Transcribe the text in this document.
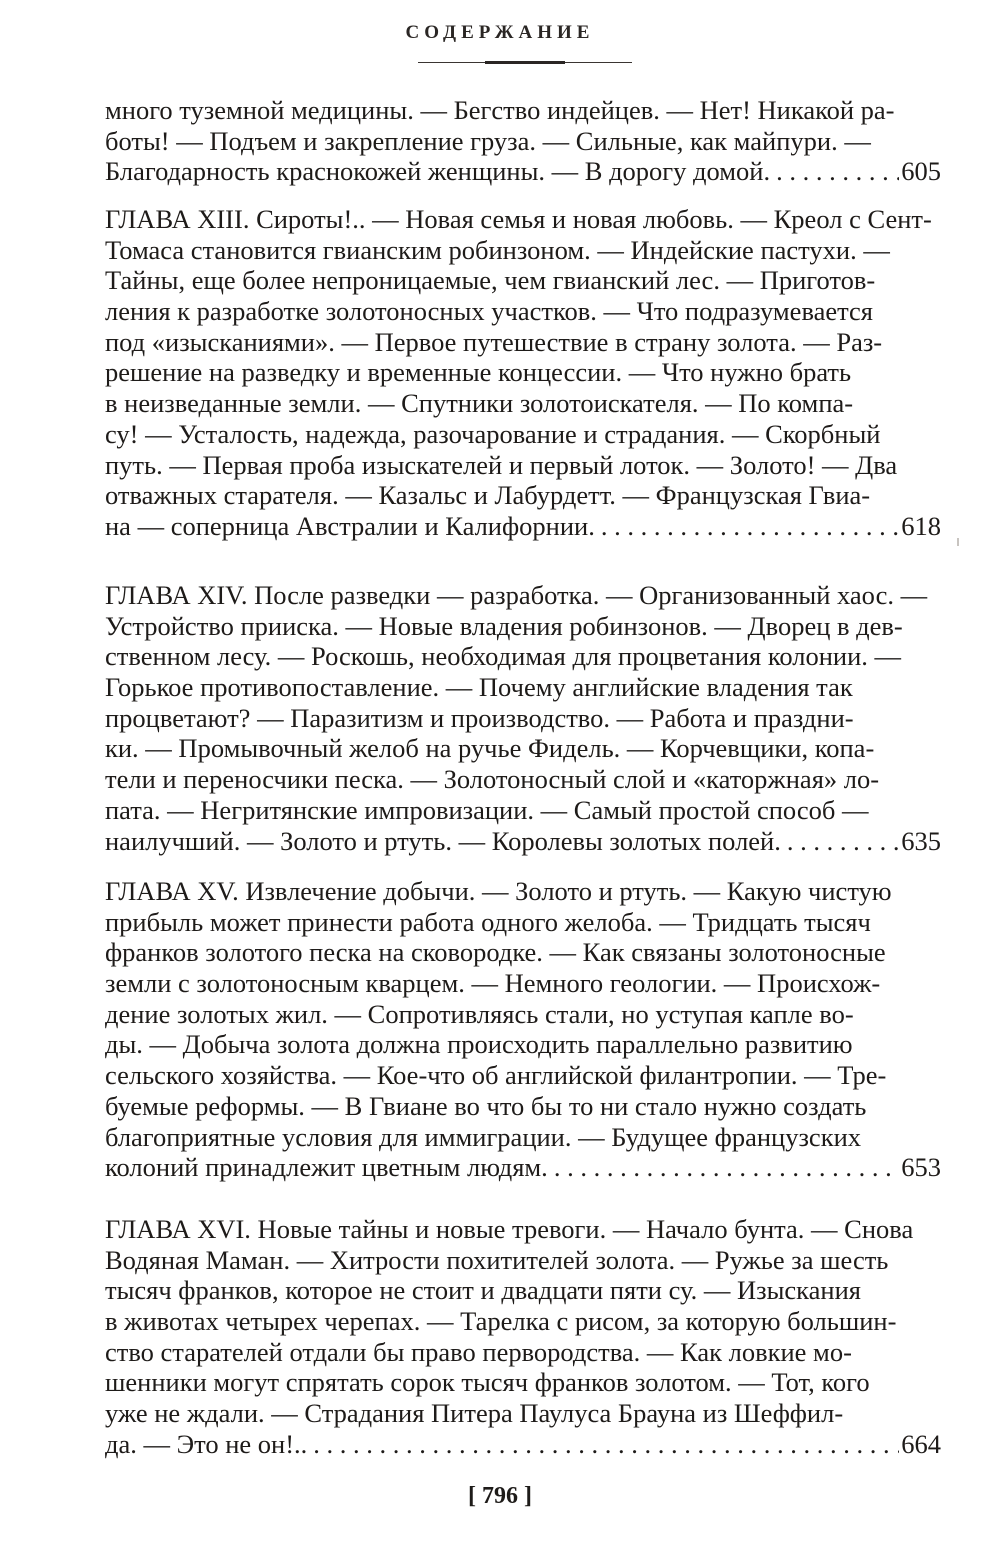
СОДЕРЖАНИЕ
много туземной медицины. — Бегство индейцев. — Нет! Никакой ра-
боты! — Подъем и закрепление груза. — Сильные, как майпури. —
Благодарность краснокожей женщины. — В дорогу домой. . . .	605
ГЛАВА XIII. Сироты!.. — Новая семья и новая любовь. — Креол с Сент-
Томаса становится гвианским робинзоном. — Индейские пастухи. —
Тайны, еще более непроницаемые, чем гвианский лес. — Приготов-
ления к разработке золотоносных участков. — Что подразумевается
под «изысканиями». — Первое путешествие в страну золота. — Раз-
решение на разведку и временные концессии. — Что нужно брать
в неизведанные земли. — Спутники золотоискателя. — По компа-
су! — Усталость, надежда, разочарование и страдания. — Скорбный
путь. — Первая проба изыскателей и первый лоток. — Золото! — Два
отважных старателя. — Казальс и Лабурдетт. — Французская Гвиа-
на — соперница Австралии и Калифорнии. . . .	618
ГЛАВА XIV. После разведки — разработка. — Организованный хаос. —
Устройство прииска. — Новые владения робинзонов. — Дворец в дев-
ственном лесу. — Роскошь, необходимая для процветания колонии. —
Горькое противопоставление. — Почему английские владения так
процветают? — Паразитизм и производство. — Работа и праздни-
ки. — Промывочный желоб на ручье Фидель. — Корчевщики, копа-
тели и переносчики песка. — Золотоносный слой и «каторжная» ло-
пата. — Негритянские импровизации. — Самый простой способ —
наилучший. — Золото и ртуть. — Королевы золотых полей. . . .	635
ГЛАВА XV. Извлечение добычи. — Золото и ртуть. — Какую чистую
прибыль может принести работа одного желоба. — Тридцать тысяч
франков золотого песка на сковородке. — Как связаны золотоносные
земли с золотоносным кварцем. — Немного геологии. — Происхож-
дение золотых жил. — Сопротивляясь стали, но уступая капле во-
ды. — Добыча золота должна происходить параллельно развитию
сельского хозяйства. — Кое-что об английской филантропии. — Тре-
буемые реформы. — В Гвиане во что бы то ни стало нужно создать
благоприятные условия для иммиграции. — Будущее французских
колоний принадлежит цветным людям. . . .	653
ГЛАВА XVI. Новые тайны и новые тревоги. — Начало бунта. — Снова
Водяная Маман. — Хитрости похитителей золота. — Ружье за шесть
тысяч франков, которое не стоит и двадцати пяти су. — Изыскания
в животах четырех черепах. — Тарелка с рисом, за которую большин-
ство старателей отдали бы право первородства. — Как ловкие мо-
шенники могут спрятать сорок тысяч франков золотом. — Тот, кого
уже не ждали. — Страдания Питера Паулуса Брауна из Шеффил-
да. — Это не он!.. . . .	664
[ 796 ]
